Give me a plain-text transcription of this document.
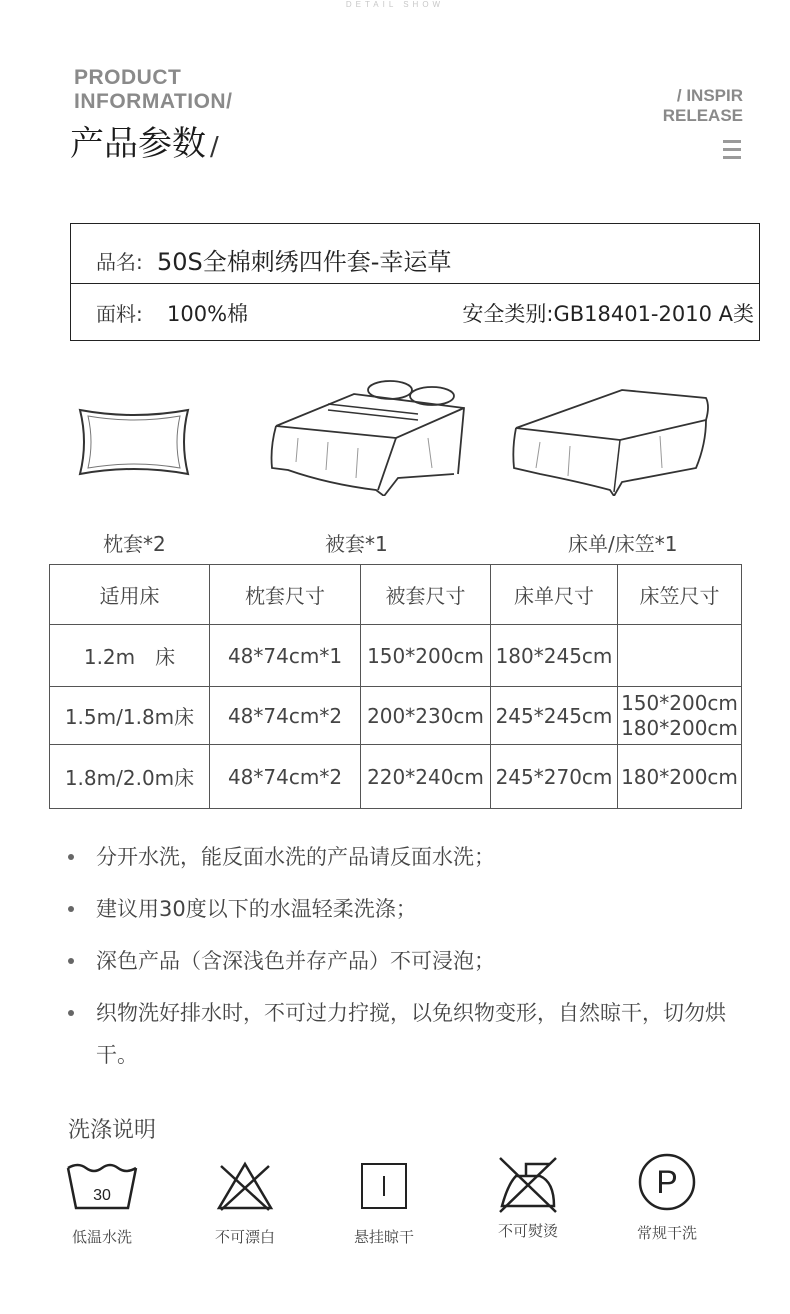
DETAIL SHOW
PRODUCT
INFORMATION/
产品参数 /
/ INSPIR
RELEASE
品名: 50S全棉刺绣四件套-幸运草
面料: 100%棉	安全类别:GB18401-2010 A类
枕套*2	被套*1	床单/床笠*1
适用床	枕套尺寸	被套尺寸	床单尺寸	床笠尺寸
1.2m　床	48*74cm*1	150*200cm	180*245cm	
1.5m/1.8m床	48*74cm*2	200*230cm	245*245cm	150*200cm
180*200cm
1.8m/2.0m床	48*74cm*2	220*240cm	245*270cm	180*200cm
分开水洗，能反面水洗的产品请反面水洗；
建议用30度以下的水温轻柔洗涤；
深色产品（含深浅色并存产品）不可浸泡；
织物洗好排水时，不可过力拧搅，以免织物变形，自然晾干，切勿烘干。
洗涤说明
30
低温水洗	不可漂白	悬挂晾干	不可熨烫
P
常规干洗
